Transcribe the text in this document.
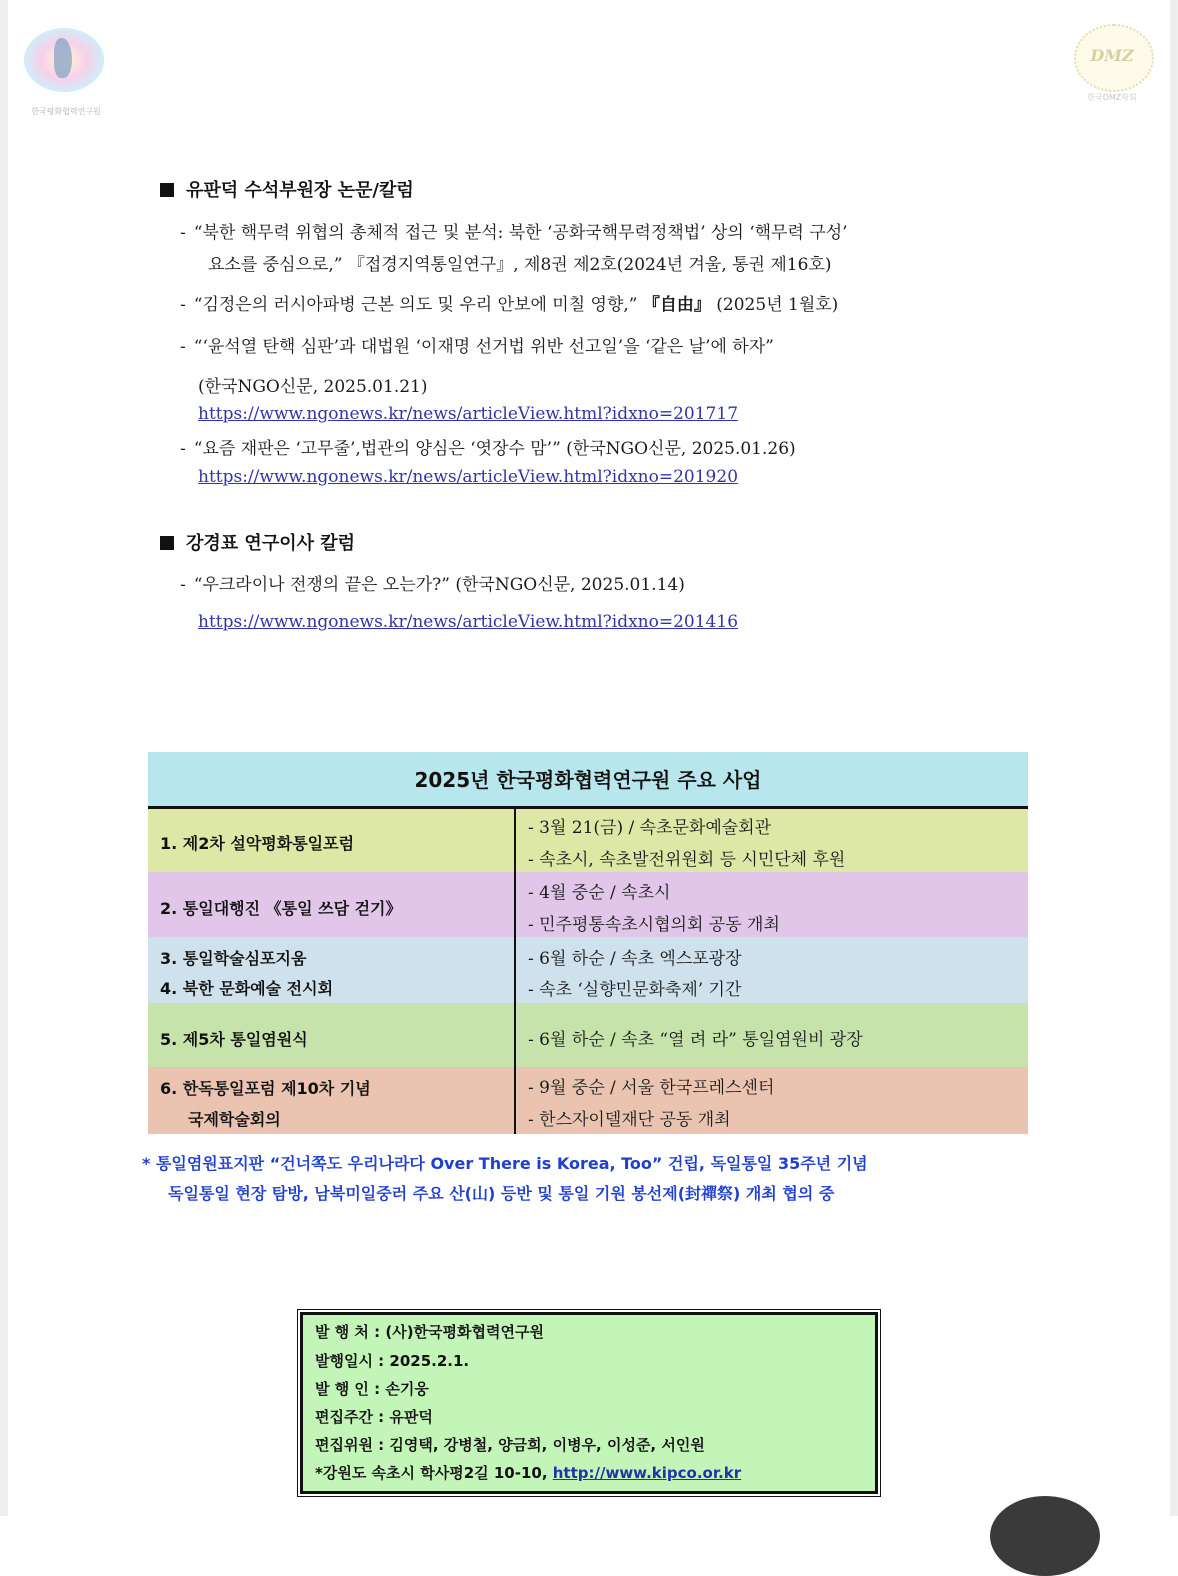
한국평화협력연구원
DMZ
한국DMZ학회
유판덕 수석부원장 논문/칼럼
- “북한 핵무력 위협의 총체적 접근 및 분석: 북한 ‘공화국핵무력정책법’ 상의 ‘핵무력 구성’
요소를 중심으로,” 『접경지역통일연구』, 제8권 제2호(2024년 겨울, 통권 제16호)
- “김정은의 러시아파병 근본 의도 및 우리 안보에 미칠 영향,” 『自由』 (2025년 1월호)
- “‘윤석열 탄핵 심판’과 대법원 ‘이재명 선거법 위반 선고일’을 ‘같은 날’에 하자”
(한국NGO신문, 2025.01.21)
https://www.ngonews.kr/news/articleView.html?idxno=201717
- “요즘 재판은 ‘고무줄’,법관의 양심은 ‘엿장수 맘’” (한국NGO신문, 2025.01.26)
https://www.ngonews.kr/news/articleView.html?idxno=201920
강경표 연구이사 칼럼
- “우크라이나 전쟁의 끝은 오는가?” (한국NGO신문, 2025.01.14)
https://www.ngonews.kr/news/articleView.html?idxno=201416
2025년 한국평화협력연구원 주요 사업
1. 제2차 설악평화통일포럼
- 3월 21(금) / 속초문화예술회관
- 속초시, 속초발전위원회 등 시민단체 후원
2. 통일대행진 《통일 쓰담 걷기》
- 4월 중순 / 속초시
- 민주평통속초시협의회 공동 개최
3. 통일학술심포지움
4. 북한 문화예술 전시회
- 6월 하순 / 속초 엑스포광장
- 속초 ‘실향민문화축제’ 기간
5. 제5차 통일염원식	- 6월 하순 / 속초 “열 려 라” 통일염원비 광장
6. 한독통일포럼 제10차 기념
국제학술회의
- 9월 중순 / 서울 한국프레스센터
- 한스자이델재단 공동 개최
* 통일염원표지판 “건너쪽도 우리나라다 Over There is Korea, Too” 건립, 독일통일 35주년 기념
독일통일 현장 탐방, 남북미일중러 주요 산(山) 등반 및 통일 기원 봉선제(封禪祭) 개최 협의 중
발 행 처 : (사)한국평화협력연구원
발행일시 : 2025.2.1.
발 행 인 : 손기웅
편집주간 : 유판덕
편집위원 : 김영택, 강병철, 양금희, 이병우, 이성준, 서인원
*강원도 속초시 학사평2길 10-10, http://www.kipco.or.kr
